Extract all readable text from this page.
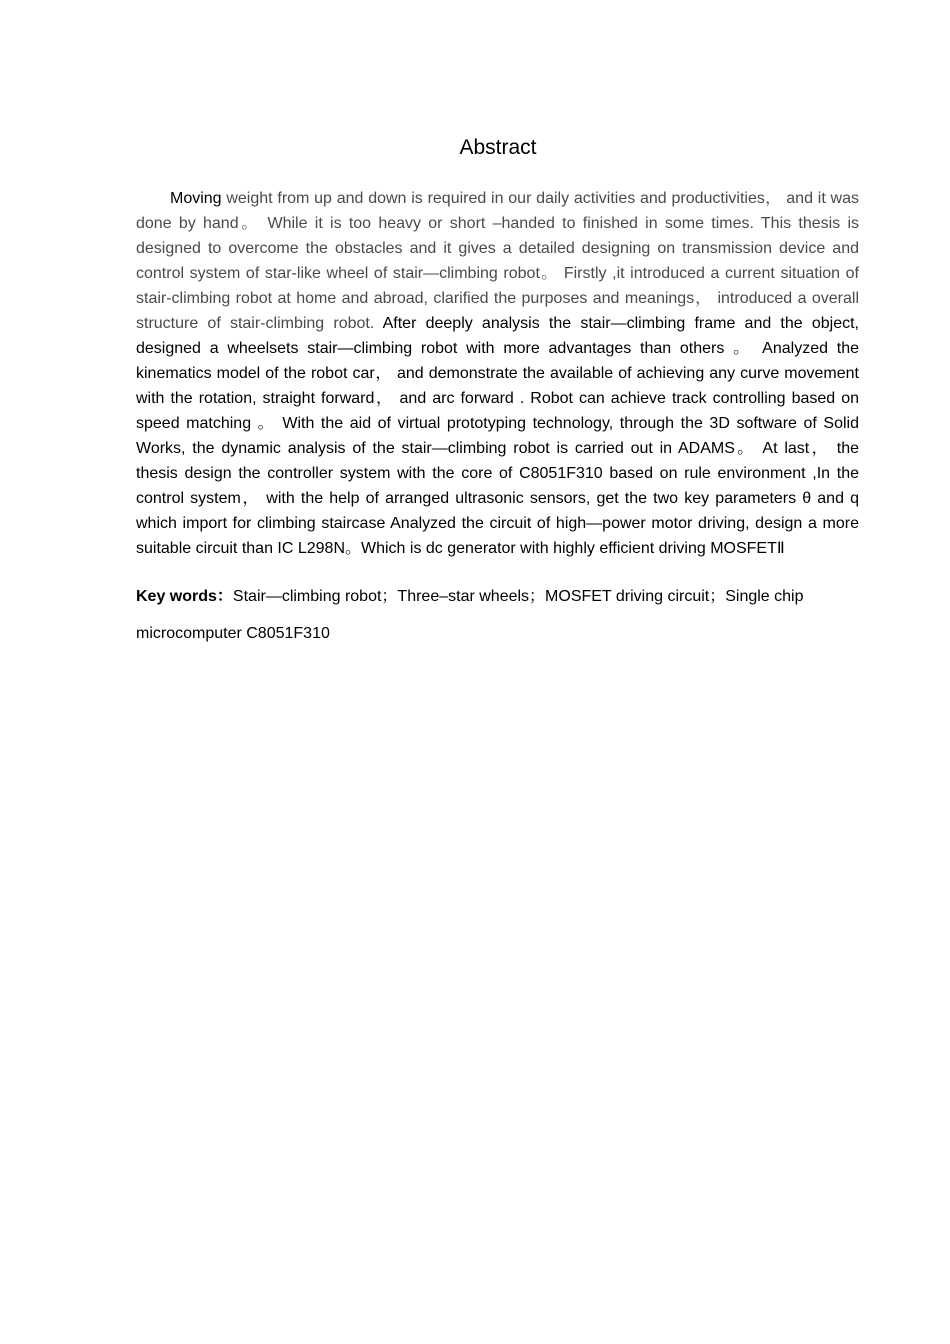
Abstract

Moving weight from up and down is required in our daily activities and productivities， and it was done by hand。 While it is too heavy or short –handed to finished in some times. This thesis is designed to overcome the obstacles and it gives a detailed designing on transmission device and control system of star-like wheel of stair—climbing robot。 Firstly ,it introduced a current situation of stair-climbing robot at home and abroad, clarified the purposes and meanings， introduced a overall structure of stair-climbing robot. After deeply analysis the stair—climbing frame and the object, designed a wheelsets stair—climbing robot with more advantages than others 。 Analyzed the kinematics model of the robot car， and demonstrate the available of achieving any curve movement with the rotation, straight forward， and arc forward . Robot can achieve track controlling based on speed matching 。 With the aid of virtual prototyping technology, through the 3D software of Solid Works, the dynamic analysis of the stair—climbing robot is carried out in ADAMS。 At last， the thesis design the controller system with the core of C8051F310 based on rule environment ,In the control system， with the help of arranged ultrasonic sensors, get the two key parameters θ and q which import for climbing staircase Analyzed the circuit of high—power motor driving, design a more suitable circuit than IC L298N。Which is dc generator with highly efficient driving MOSFETⅡ

Key words：Stair—climbing robot；Three–star wheels；MOSFET driving circuit；Single chip

microcomputer C8051F310
